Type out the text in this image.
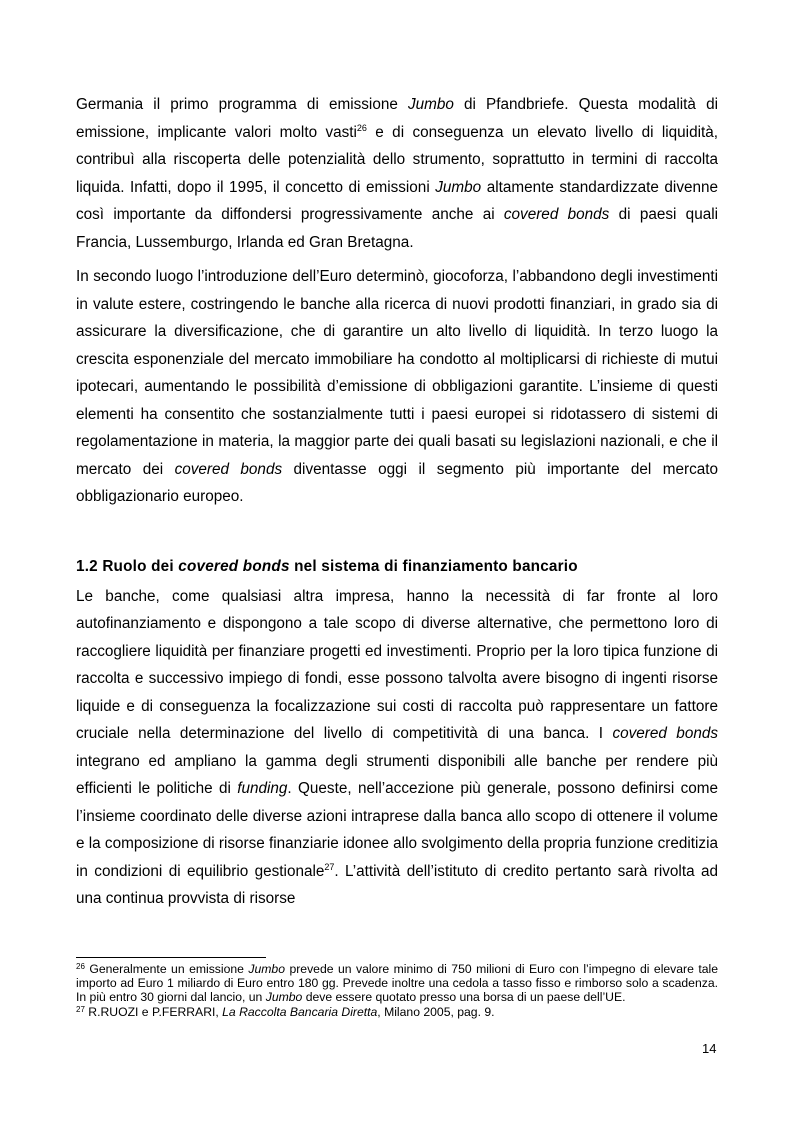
Germania il primo programma di emissione Jumbo di Pfandbriefe. Questa modalità di emissione, implicante valori molto vasti$^{26}$ e di conseguenza un elevato livello di liquidità, contribuì alla riscoperta delle potenzialità dello strumento, soprattutto in termini di raccolta liquida. Infatti, dopo il 1995, il concetto di emissioni Jumbo altamente standardizzate divenne così importante da diffondersi progressivamente anche ai covered bonds di paesi quali Francia, Lussemburgo, Irlanda ed Gran Bretagna.

In secondo luogo l’introduzione dell’Euro determinò, giocoforza, l’abbandono degli investimenti in valute estere, costringendo le banche alla ricerca di nuovi prodotti finanziari, in grado sia di assicurare la diversificazione, che di garantire un alto livello di liquidità. In terzo luogo la crescita esponenziale del mercato immobiliare ha condotto al moltiplicarsi di richieste di mutui ipotecari, aumentando le possibilità d’emissione di obbligazioni garantite. L’insieme di questi elementi ha consentito che sostanzialmente tutti i paesi europei si ridotassero di sistemi di regolamentazione in materia, la maggior parte dei quali basati su legislazioni nazionali, e che il mercato dei covered bonds diventasse oggi il segmento più importante del mercato obbligazionario europeo.

1.2 Ruolo dei covered bonds nel sistema di finanziamento bancario

Le banche, come qualsiasi altra impresa, hanno la necessità di far fronte al loro autofinanziamento e dispongono a tale scopo di diverse alternative, che permettono loro di raccogliere liquidità per finanziare progetti ed investimenti. Proprio per la loro tipica funzione di raccolta e successivo impiego di fondi, esse possono talvolta avere bisogno di ingenti risorse liquide e di conseguenza la focalizzazione sui costi di raccolta può rappresentare un fattore cruciale nella determinazione del livello di competitività di una banca. I covered bonds integrano ed ampliano la gamma degli strumenti disponibili alle banche per rendere più efficienti le politiche di funding. Queste, nell’accezione più generale, possono definirsi come l’insieme coordinato delle diverse azioni intraprese dalla banca allo scopo di ottenere il volume e la composizione di risorse finanziarie idonee allo svolgimento della propria funzione creditizia in condizioni di equilibrio gestionale$^{27}$. L’attività dell’istituto di credito pertanto sarà rivolta ad una continua provvista di risorse

$^{26}$ Generalmente un emissione Jumbo prevede un valore minimo di 750 milioni di Euro con l’impegno di elevare tale importo ad Euro 1 miliardo di Euro entro 180 gg. Prevede inoltre una cedola a tasso fisso e rimborso solo a scadenza. In più entro 30 giorni dal lancio, un Jumbo deve essere quotato presso una borsa di un paese dell’UE.

$^{27}$ R.RUOZI e P.FERRARI, La Raccolta Bancaria Diretta, Milano 2005, pag. 9.

14
